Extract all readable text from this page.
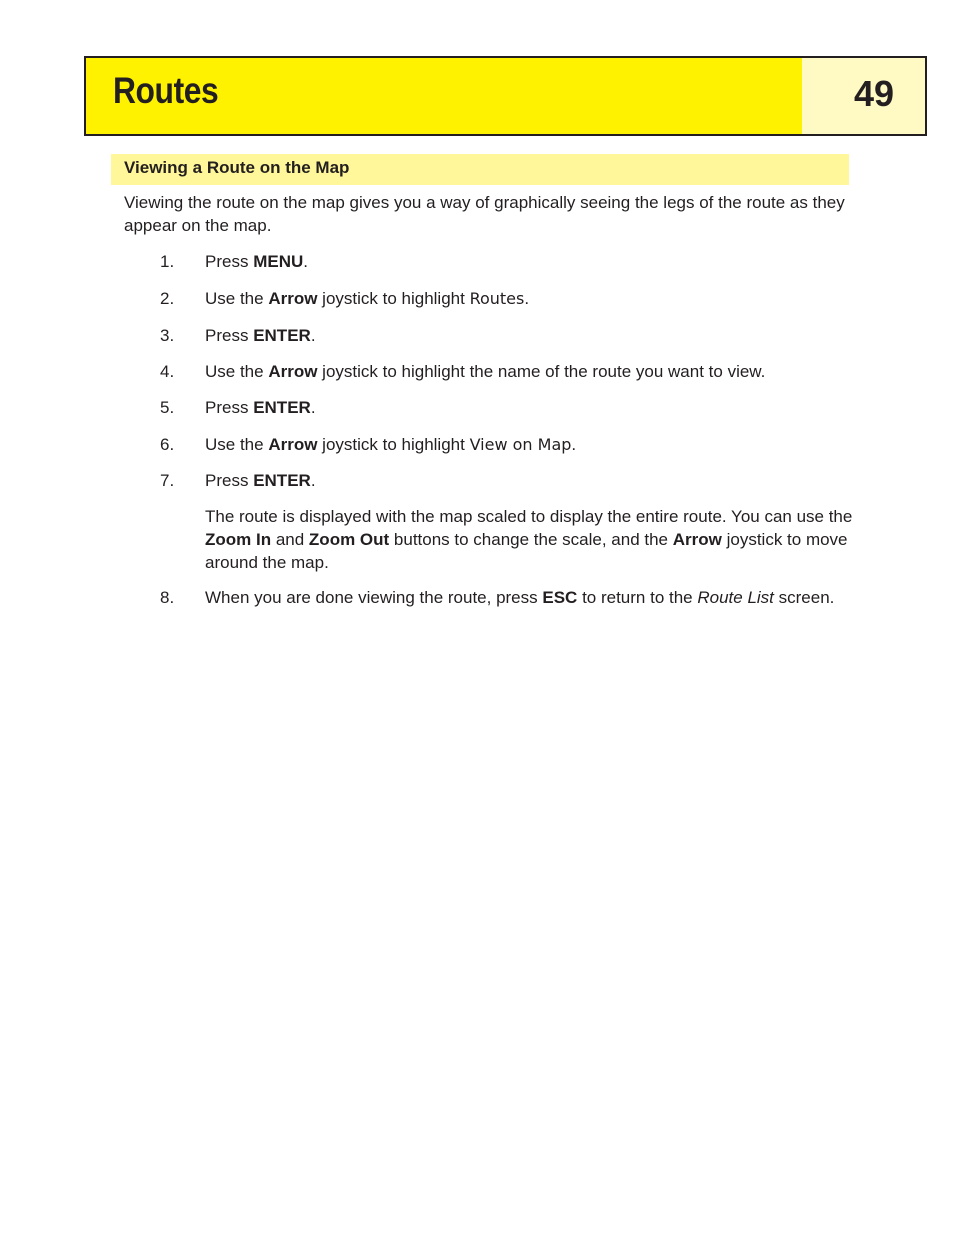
Routes	49
Viewing a Route on the Map
Viewing the route on the map gives you a way of graphically seeing the legs of the route as they appear on the map.
1. Press MENU.
2. Use the Arrow joystick to highlight Routes.
3. Press ENTER.
4. Use the Arrow joystick to highlight the name of the route you want to view.
5. Press ENTER.
6. Use the Arrow joystick to highlight View on Map.
7. Press ENTER.
The route is displayed with the map scaled to display the entire route. You can use the Zoom In and Zoom Out buttons to change the scale, and the Arrow joystick to move around the map.
8. When you are done viewing the route, press ESC to return to the Route List screen.
